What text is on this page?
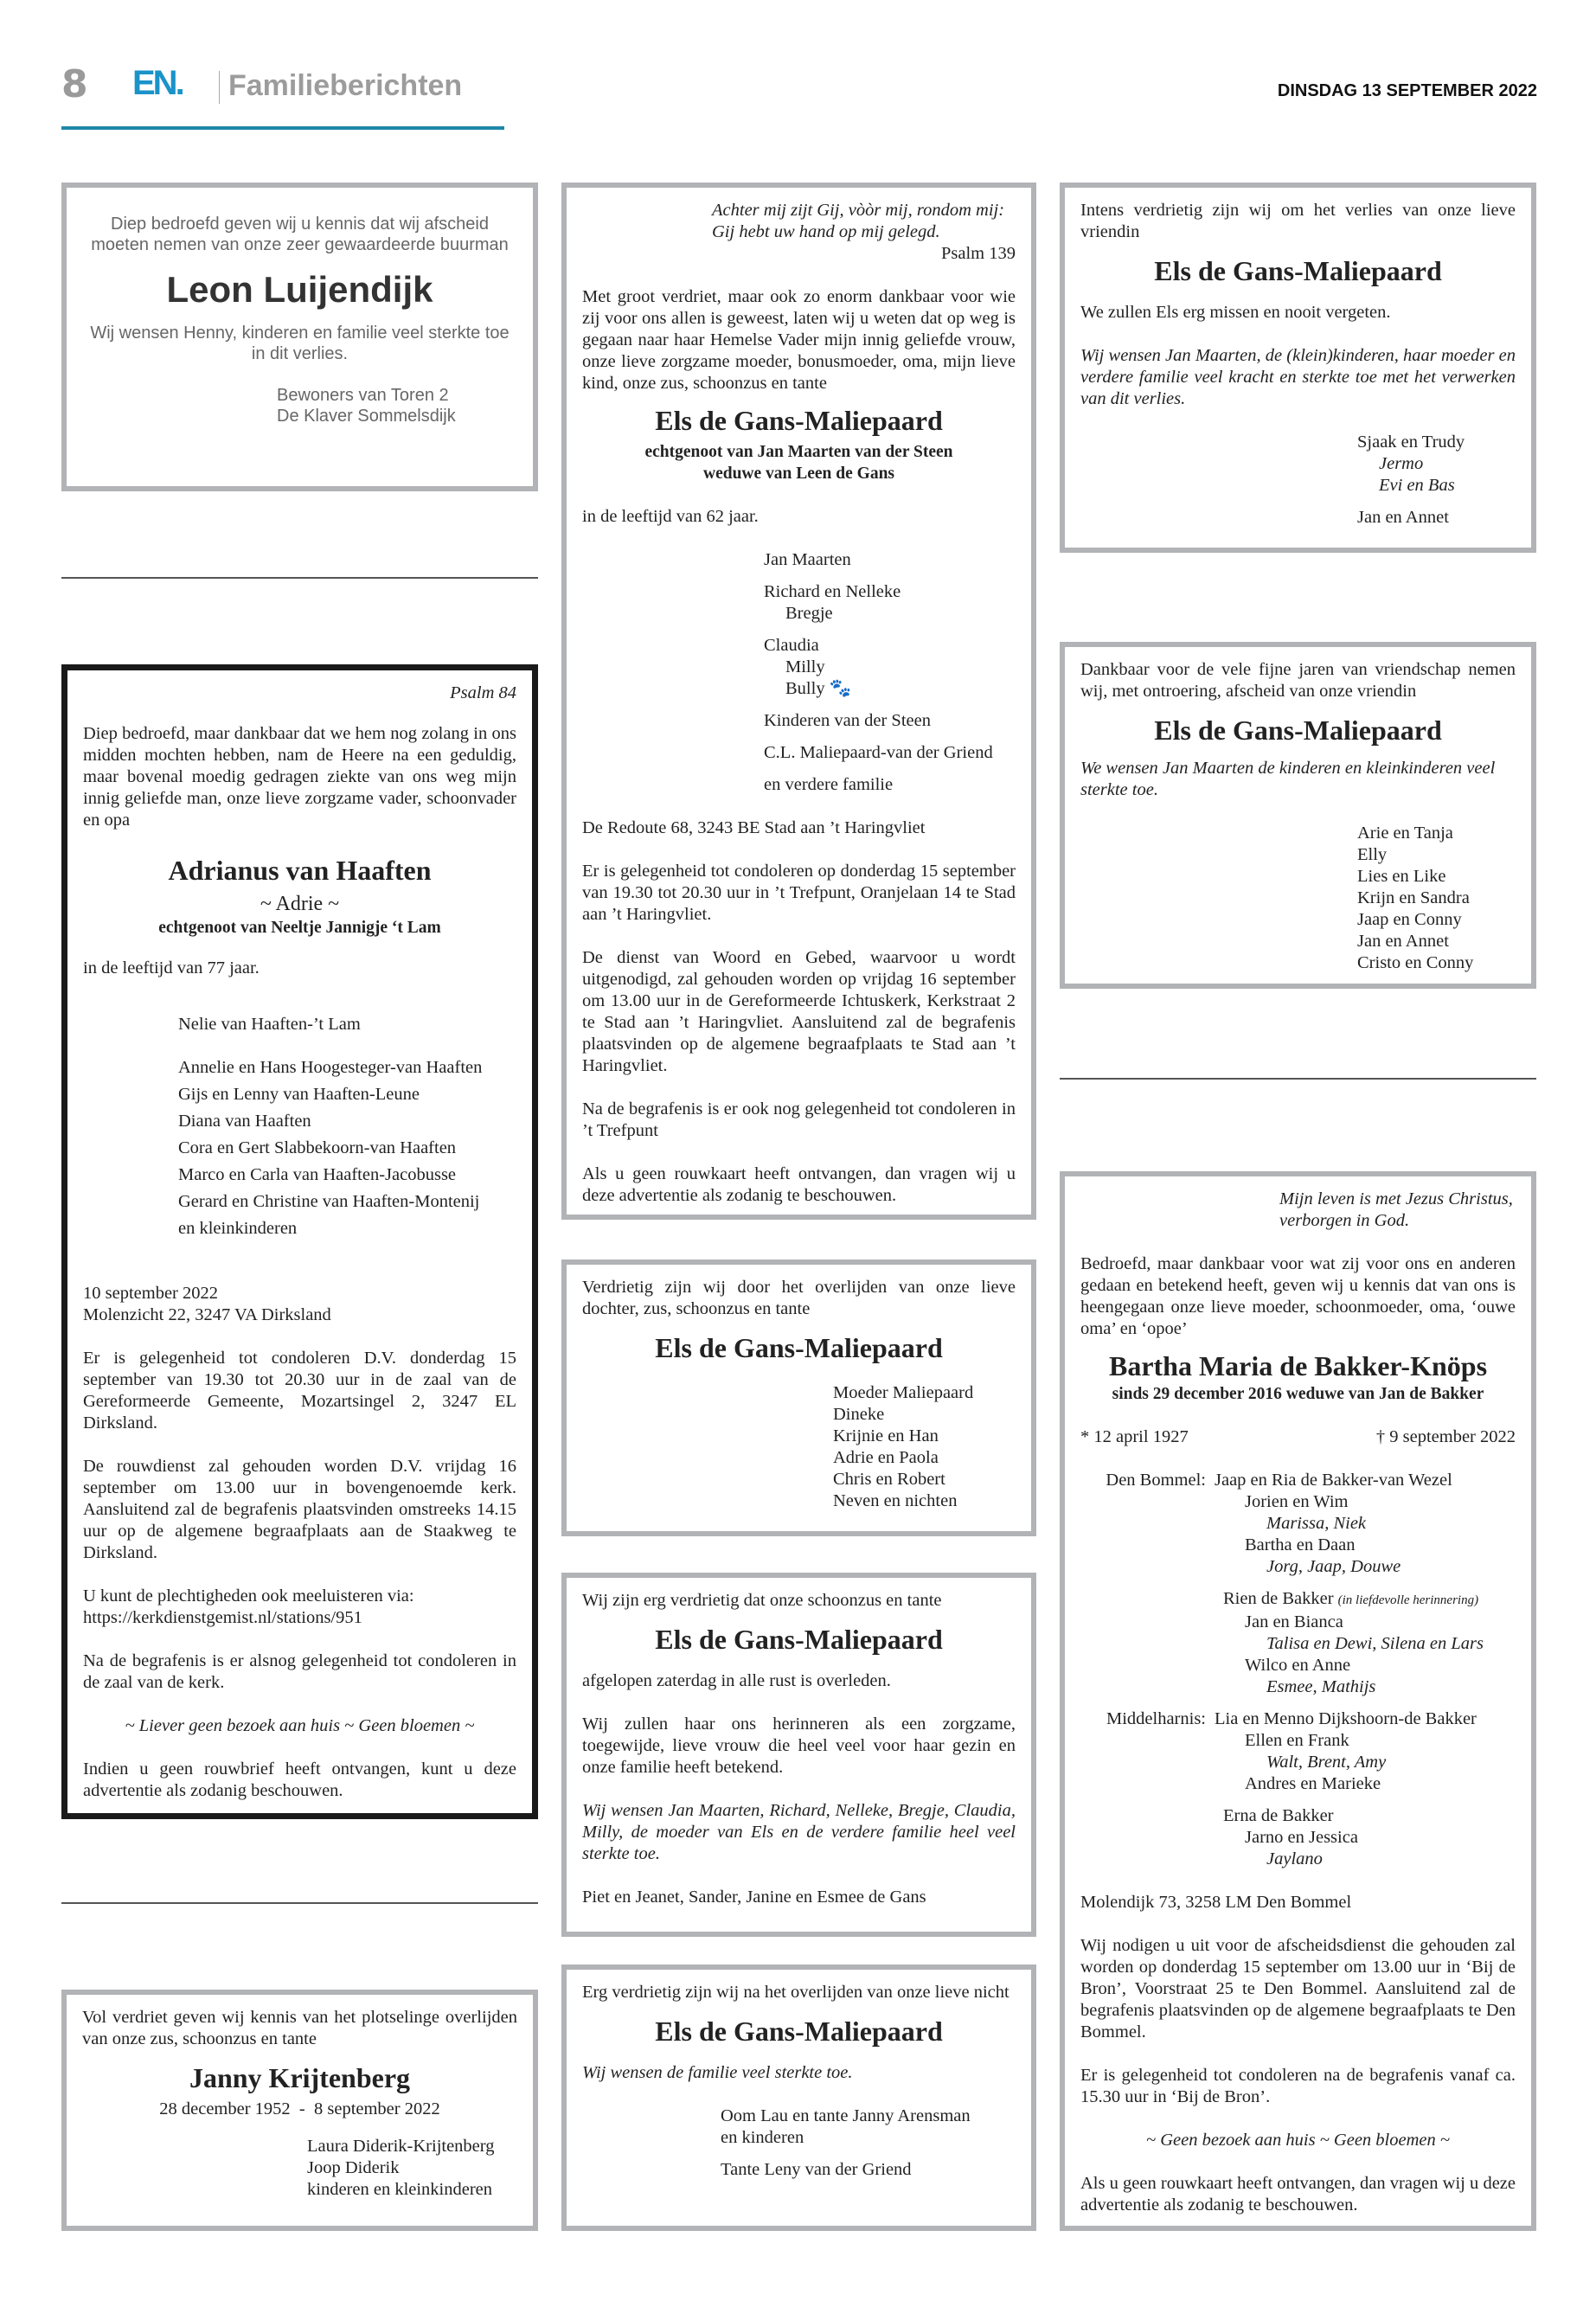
8 EN. Familieberichten	DINSDAG 13 SEPTEMBER 2022

Diep bedroefd geven wij u kennis dat wij afscheid moeten nemen van onze zeer gewaardeerde buurman

Leon Luijendijk

Wij wensen Henny, kinderen en familie veel sterkte toe in dit verlies.

Bewoners van Toren 2
De Klaver Sommelsdijk

Psalm 84

Diep bedroefd, maar dankbaar dat we hem nog zolang in ons midden mochten hebben, nam de Heere na een geduldig, maar bovenal moedig gedragen ziekte van ons weg mijn innig geliefde man, onze lieve zorgzame vader, schoonvader en opa

Adrianus van Haaften
~ Adrie ~
echtgenoot van Neeltje Jannigje ‘t Lam

in de leeftijd van 77 jaar.

Nelie van Haaften-’t Lam
Annelie en Hans Hoogesteger-van Haaften
Gijs en Lenny van Haaften-Leune
Diana van Haaften
Cora en Gert Slabbekoorn-van Haaften
Marco en Carla van Haaften-Jacobusse
Gerard en Christine van Haaften-Montenij
en kleinkinderen

10 september 2022

Molenzicht 22, 3247 VA Dirksland

Er is gelegenheid tot condoleren D.V. donderdag 15 september van 19.30 tot 20.30 uur in de zaal van de Gereformeerde Gemeente, Mozartsingel 2, 3247 EL Dirksland.

De rouwdienst zal gehouden worden D.V. vrijdag 16 september om 13.00 uur in bovengenoemde kerk. Aansluitend zal de begrafenis plaatsvinden omstreeks 14.15 uur op de algemene begraafplaats aan de Staakweg te Dirksland.

U kunt de plechtigheden ook meeluisteren via:

https://kerkdienstgemist.nl/stations/951

Na de begrafenis is er alsnog gelegenheid tot condoleren in de zaal van de kerk.

~ Liever geen bezoek aan huis ~ Geen bloemen ~

Indien u geen rouwbrief heeft ontvangen, kunt u deze advertentie als zodanig beschouwen.

Vol verdriet geven wij kennis van het plotselinge overlijden van onze zus, schoonzus en tante

Janny Krijtenberg

28 december 1952  -  8 september 2022

Laura Diderik-Krijtenberg
Joop Diderik
kinderen en kleinkinderen

Achter mij zijt Gij, vòòr mij, rondom mij:

Gij hebt uw hand op mij gelegd.

Psalm 139

Met groot verdriet, maar ook zo enorm dankbaar voor wie zij voor ons allen is geweest, laten wij u weten dat op weg is gegaan naar haar Hemelse Vader mijn innig geliefde vrouw, onze lieve zorgzame moeder, bonusmoeder, oma, mijn lieve kind, onze zus, schoonzus en tante

Els de Gans-Maliepaard
echtgenoot van Jan Maarten van der Steen
weduwe van Leen de Gans

in de leeftijd van 62 jaar.

Jan Maarten
Richard en Nelleke
Bregje
Claudia
Milly
Bully 🐾
Kinderen van der Steen
C.L. Maliepaard-van der Griend
en verdere familie

De Redoute 68, 3243 BE Stad aan ’t Haringvliet

Er is gelegenheid tot condoleren op donderdag 15 september van 19.30 tot 20.30 uur in ’t Trefpunt, Oranjelaan 14 te Stad aan ’t Haringvliet.

De dienst van Woord en Gebed, waarvoor u wordt uitgenodigd, zal gehouden worden op vrijdag 16 september om 13.00 uur in de Gereformeerde Ichtuskerk, Kerkstraat 2 te Stad aan ’t Haringvliet. Aansluitend zal de begrafenis plaatsvinden op de algemene begraafplaats te Stad aan ’t Haringvliet.

Na de begrafenis is er ook nog gelegenheid tot condoleren in ’t Trefpunt

Als u geen rouwkaart heeft ontvangen, dan vragen wij u deze advertentie als zodanig te beschouwen.

Verdrietig zijn wij door het overlijden van onze lieve dochter, zus, schoonzus en tante

Els de Gans-Maliepaard
Moeder Maliepaard
Dineke
Krijnie en Han
Adrie en Paola
Chris en Robert
Neven en nichten

Wij zijn erg verdrietig dat onze schoonzus en tante

Els de Gans-Maliepaard

afgelopen zaterdag in alle rust is overleden.

Wij zullen haar ons herinneren als een zorgzame, toegewijde, lieve vrouw die heel veel voor haar gezin en onze familie heeft betekend.

Wij wensen Jan Maarten, Richard, Nelleke, Bregje, Claudia, Milly, de moeder van Els en de verdere familie heel veel sterkte toe.

Piet en Jeanet, Sander, Janine en Esmee de Gans

Erg verdrietig zijn wij na het overlijden van onze lieve nicht

Els de Gans-Maliepaard

Wij wensen de familie veel sterkte toe.

Oom Lau en tante Janny Arensman
en kinderen
Tante Leny van der Griend

Intens verdrietig zijn wij om het verlies van onze lieve vriendin

Els de Gans-Maliepaard

We zullen Els erg missen en nooit vergeten.

Wij wensen Jan Maarten, de (klein)kinderen, haar moeder en verdere familie veel kracht en sterkte toe met het verwerken van dit verlies.

Sjaak en Trudy
Jermo
Evi en Bas
Jan en Annet

Dankbaar voor de vele fijne jaren van vriendschap nemen wij, met ontroering, afscheid van onze vriendin

Els de Gans-Maliepaard

We wensen Jan Maarten de kinderen en kleinkinderen veel sterkte toe.

Arie en Tanja
Elly
Lies en Like
Krijn en Sandra
Jaap en Conny
Jan en Annet
Cristo en Conny

Mijn leven is met Jezus Christus,

verborgen in God.

Bedroefd, maar dankbaar voor wat zij voor ons en anderen gedaan en betekend heeft, geven wij u kennis dat van ons is heengegaan onze lieve moeder, schoonmoeder, oma, ‘ouwe oma’ en ‘opoe’

Bartha Maria de Bakker-Knöps
sinds 29 december 2016 weduwe van Jan de Bakker
* 12 april 1927	† 9 september 2022
Den Bommel: Jaap en Ria de Bakker-van Wezel
Jorien en Wim
Marissa, Niek
Bartha en Daan
Jorg, Jaap, Douwe
Rien de Bakker (in liefdevolle herinnering)
Jan en Bianca
Talisa en Dewi, Silena en Lars
Wilco en Anne
Esmee, Mathijs
Middelharnis: Lia en Menno Dijkshoorn-de Bakker
Ellen en Frank
Walt, Brent, Amy
Andres en Marieke
Erna de Bakker
Jarno en Jessica
Jaylano

Molendijk 73, 3258 LM Den Bommel

Wij nodigen u uit voor de afscheidsdienst die gehouden zal worden op donderdag 15 september om 13.00 uur in ‘Bij de Bron’, Voorstraat 25 te Den Bommel. Aansluitend zal de begrafenis plaatsvinden op de algemene begraafplaats te Den Bommel.

Er is gelegenheid tot condoleren na de begrafenis vanaf ca. 15.30 uur in ‘Bij de Bron’.

~ Geen bezoek aan huis ~ Geen bloemen ~

Als u geen rouwkaart heeft ontvangen, dan vragen wij u deze advertentie als zodanig te beschouwen.
